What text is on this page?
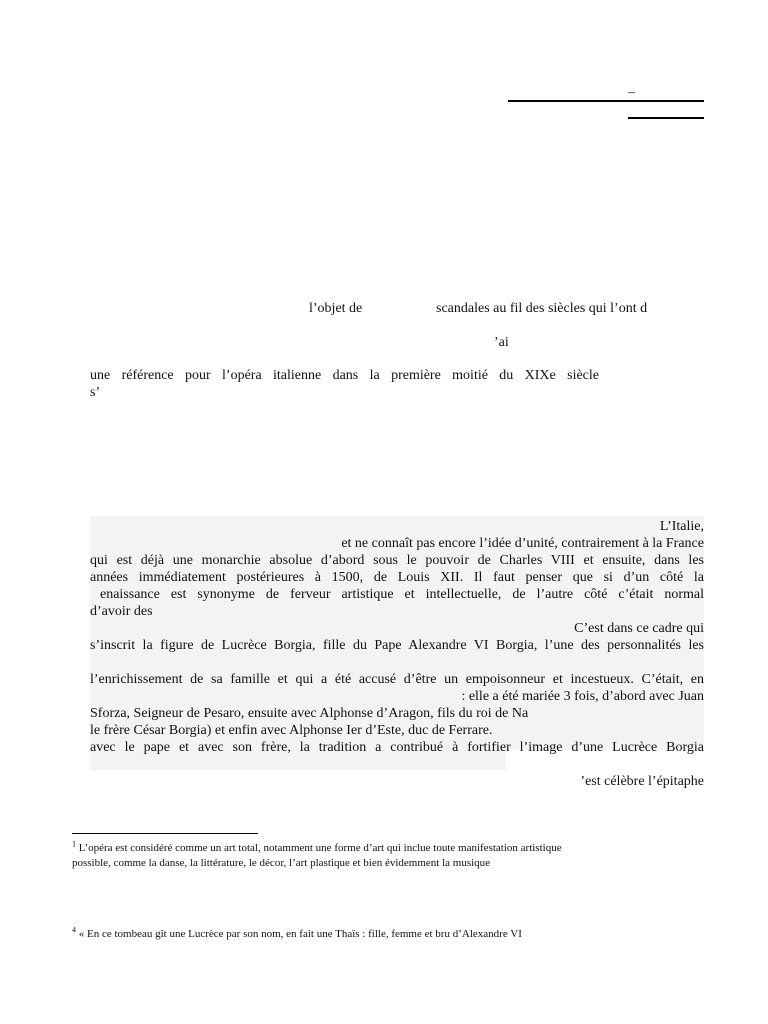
–
l’objet de	scandales au fil des siècles qui l’ont d
’ai
une référence pour l’opéra italienne dans la première moitié du XIXe siècle
s’
L’Italie,
et ne connaît pas encore l’idée d’unité, contrairement à la France
qui est déjà une monarchie absolue d’abord sous le pouvoir de Charles VIII et ensuite, dans les
années immédiatement postérieures à 1500, de Louis XII. Il faut penser que si d’un côté la
enaissance est synonyme de ferveur artistique et intellectuelle, de l’autre côté c’était normal
d’avoir des
C’est dans ce cadre qui
s’inscrit la figure de Lucrèce Borgia, fille du Pape Alexandre VI Borgia, l’une des personnalités les
l’enrichissement de sa famille et qui a été accusé d’être un empoisonneur et incestueux. C’était, en
: elle a été mariée 3 fois, d’abord avec Juan
Sforza, Seigneur de Pesaro, ensuite avec Alphonse d’Aragon, fils du roi de Na
le frère César Borgia) et enfin avec Alphonse Ier d’Este, duc de Ferrare.
avec le pape et avec son frère, la tradition a contribué à fortifier l’image d’une Lucrèce Borgia
’est célèbre l’épitaphe
$^1$ L’opéra est considéré comme un art total, notamment une forme d’art qui inclue toute manifestation artistique
possible, comme la danse, la littérature, le décor, l’art plastique et bien évidemment la musique
$^4$ « En ce tombeau gît une Lucrèce par son nom, en fait une Thaïs : fille, femme et bru d’Alexandre VI
